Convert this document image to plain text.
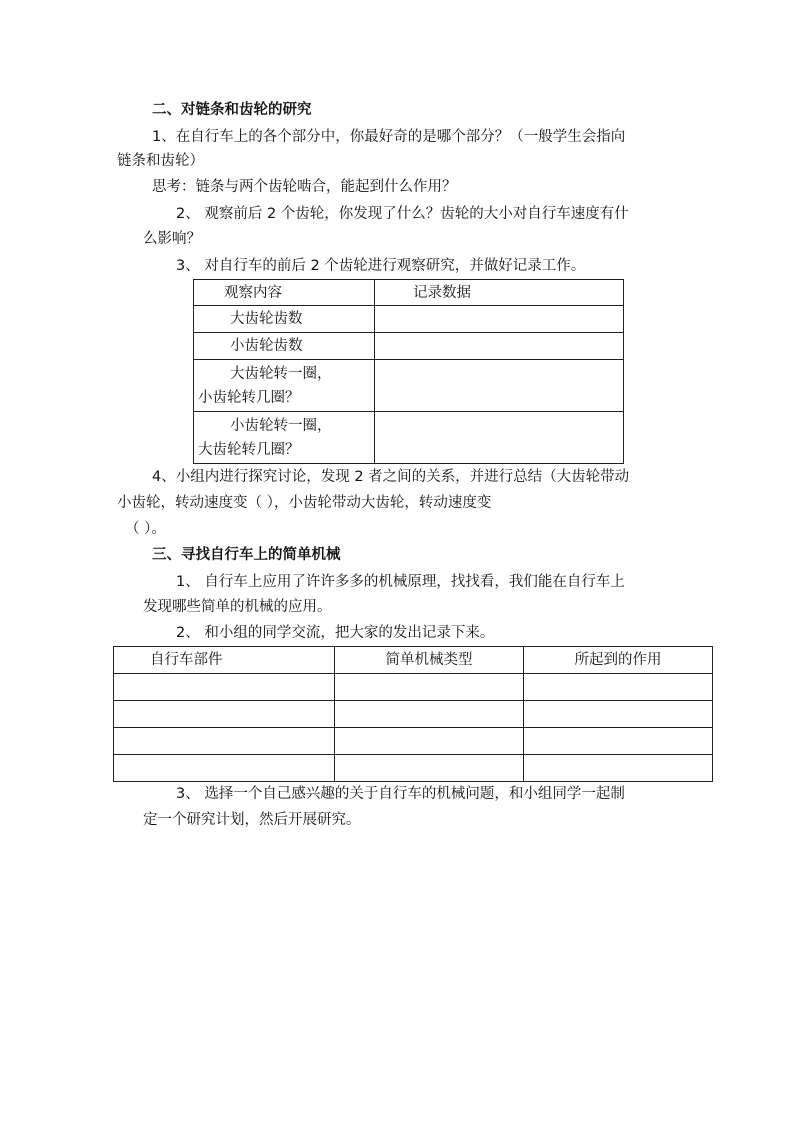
二、对链条和齿轮的研究
1、在自行车上的各个部分中，你最好奇的是哪个部分？（一般学生会指向
链条和齿轮）
思考：链条与两个齿轮啮合，能起到什么作用？
2、 观察前后 2 个齿轮，你发现了什么？齿轮的大小对自行车速度有什
么影响？
3、 对自行车的前后 2 个齿轮进行观察研究，并做好记录工作。
观察内容	记录数据
大齿轮齿数	
小齿轮齿数	

大齿轮转一圈，
小齿轮转几圈？	

小齿轮转一圈，
大齿轮转几圈？	

4、小组内进行探究讨论，发现 2 者之间的关系，并进行总结（大齿轮带动
小齿轮，转动速度变（ ），小齿轮带动大齿轮，转动速度变
（ ）。
三、寻找自行车上的简单机械
1、 自行车上应用了许许多多的机械原理，找找看，我们能在自行车上
发现哪些简单的机械的应用。
2、 和小组的同学交流，把大家的发出记录下来。
自行车部件	简单机械类型	所起到的作用

3、 选择一个自己感兴趣的关于自行车的机械问题，和小组同学一起制
定一个研究计划，然后开展研究。
